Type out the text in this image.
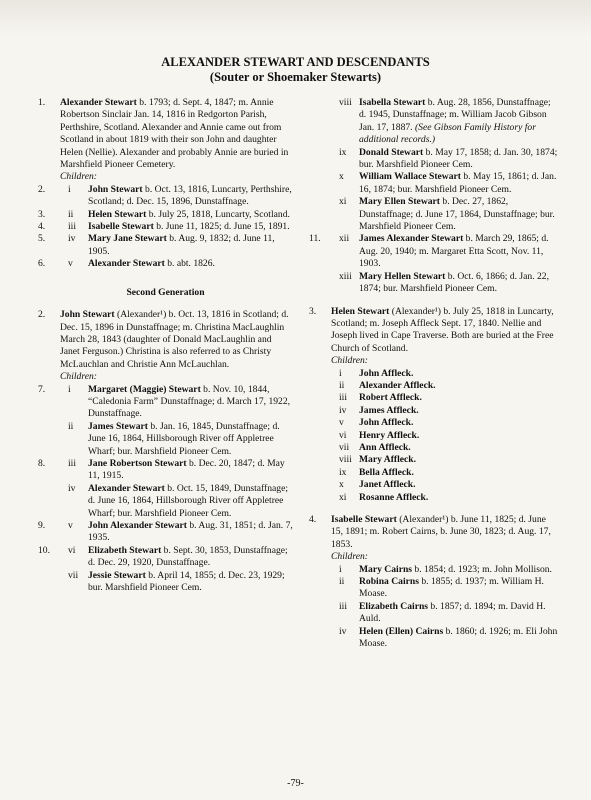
ALEXANDER STEWART AND DESCENDANTS
(Souter or Shoemaker Stewarts)
1.	Alexander Stewart b. 1793; d. Sept. 4, 1847; m. Annie Robertson Sinclair Jan. 14, 1816 in Redgorton Parish, Perthshire, Scotland. Alexander and Annie came out from Scotland in about 1819 with their son John and daughter Helen (Nellie). Alexander and probably Annie are buried in Marshfield Pioneer Cemetery.
Children:
2.	i	John Stewart b. Oct. 13, 1816, Luncarty, Perthshire, Scotland; d. Dec. 15, 1896, Dunstaffnage.
3.	ii	Helen Stewart b. July 25, 1818, Luncarty, Scotland.
4.	iii	Isabelle Stewart b. June 11, 1825; d. June 15, 1891.
5.	iv	Mary Jane Stewart b. Aug. 9, 1832; d. June 11, 1905.
6.	v	Alexander Stewart b. abt. 1826.
Second Generation
2.	John Stewart (Alexander¹) b. Oct. 13, 1816 in Scotland; d. Dec. 15, 1896 in Dunstaffnage; m. Christina MacLaughlin March 28, 1843 (daughter of Donald MacLaughlin and Janet Ferguson.) Christina is also referred to as Christy McLauchlan and Christie Ann McLauchlan.
Children:
7.	i	Margaret (Maggie) Stewart b. Nov. 10, 1844, “Caledonia Farm” Dunstaffnage; d. March 17, 1922, Dunstaffnage.
ii	James Stewart b. Jan. 16, 1845, Dunstaffnage; d. June 16, 1864, Hillsborough River off Appletree Wharf; bur. Marshfield Pioneer Cem.
8.	iii	Jane Robertson Stewart b. Dec. 20, 1847; d. May 11, 1915.
iv	Alexander Stewart b. Oct. 15, 1849, Dunstaffnage; d. June 16, 1864, Hillsborough River off Appletree Wharf; bur. Marshfield Pioneer Cem.
9.	v	John Alexander Stewart b. Aug. 31, 1851; d. Jan. 7, 1935.
10.	vi	Elizabeth Stewart b. Sept. 30, 1853, Dunstaffnage; d. Dec. 29, 1920, Dunstaffnage.
vii	Jessie Stewart b. April 14, 1855; d. Dec. 23, 1929; bur. Marshfield Pioneer Cem.
viii Isabella Stewart b. Aug. 28, 1856, Dunstaffnage; d. 1945, Dunstaffnage; m. William Jacob Gibson Jan. 17, 1887. (See Gibson Family History for additional records.)
ix	Donald Stewart b. May 17, 1858; d. Jan. 30, 1874; bur. Marshfield Pioneer Cem.
x	William Wallace Stewart b. May 15, 1861; d. Jan. 16, 1874; bur. Marshfield Pioneer Cem.
xi	Mary Ellen Stewart b. Dec. 27, 1862, Dunstaffnage; d. June 17, 1864, Dunstaffnage; bur. Marshfield Pioneer Cem.
11.	xii	James Alexander Stewart b. March 29, 1865; d. Aug. 20, 1940; m. Margaret Etta Scott, Nov. 11, 1903.
xiii Mary Hellen Stewart b. Oct. 6, 1866; d. Jan. 22, 1874; bur. Marshfield Pioneer Cem.
3.	Helen Stewart (Alexander¹) b. July 25, 1818 in Luncarty, Scotland; m. Joseph Affleck Sept. 17, 1840. Nellie and Joseph lived in Cape Traverse. Both are buried at the Free Church of Scotland.
Children:
i	John Affleck.
ii	Alexander Affleck.
iii	Robert Affleck.
iv	James Affleck.
v	John Affleck.
vi	Henry Affleck.
vii	Ann Affleck.
viii Mary Affleck.
ix	Bella Affleck.
x	Janet Affleck.
xi	Rosanne Affleck.
4.	Isabelle Stewart (Alexander¹) b. June 11, 1825; d. June 15, 1891; m. Robert Cairns, b. June 30, 1823; d. Aug. 17, 1853.
Children:
i	Mary Cairns b. 1854; d. 1923; m. John Mollison.
ii	Robina Cairns b. 1855; d. 1937; m. William H. Moase.
iii	Elizabeth Cairns b. 1857; d. 1894; m. David H. Auld.
iv	Helen (Ellen) Cairns b. 1860; d. 1926; m. Eli John Moase.
-79-
